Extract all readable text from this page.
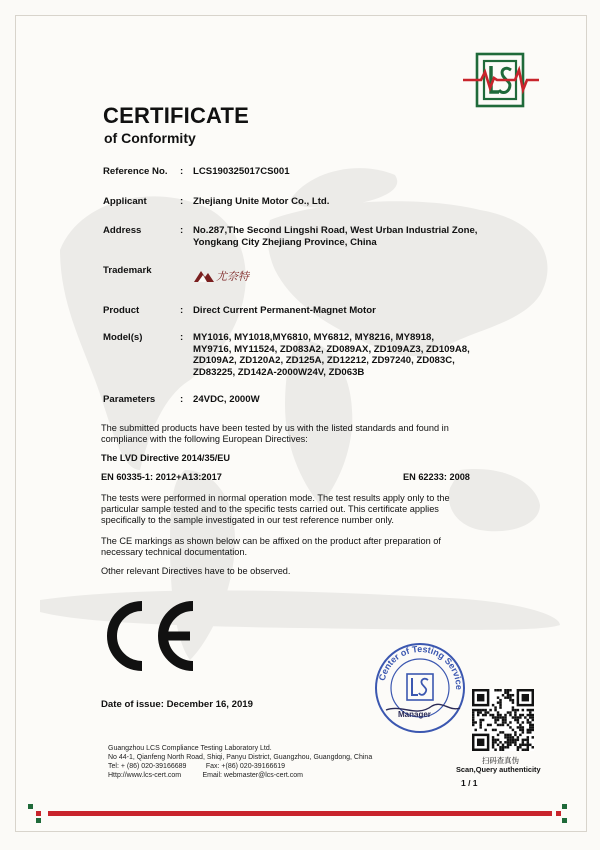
CERTIFICATE
of Conformity
Reference No. : LCS190325017CS001
Applicant	: Zhejiang Unite Motor Co., Ltd.
Address	: No.287,The Second Lingshi Road, West Urban Industrial Zone,
Yongkang City Zhejiang Province, China
Trademark	尤奈特
Product	: Direct Current Permanent-Magnet Motor
Model(s)	: MY1016, MY1018,MY6810, MY6812, MY8216, MY8918,
MY9716, MY11524, ZD083A2, ZD089AX, ZD109AZ3, ZD109A8,
ZD109A2, ZD120A2, ZD125A, ZD12212, ZD97240, ZD083C,
ZD83225, ZD142A-2000W24V, ZD063B
Parameters	: 24VDC, 2000W
The submitted products have been tested by us with the listed standards and found in
compliance with the following European Directives:
The LVD Directive 2014/35/EU
EN 60335-1: 2012+A13:2017	EN 62233: 2008
The tests were performed in normal operation mode. The test results apply only to the
particular sample tested and to the specific tests carried out. This certificate applies
specifically to the sample investigated in our test reference number only.
The CE markings as shown below can be affixed on the product after preparation of
necessary technical documentation.
Other relevant Directives have to be observed.
Date of issue: December 16, 2019
Center of Testing Service
Manager
扫码查真伪
Scan,Query authenticity
1 / 1
Guangzhou LCS Compliance Testing Laboratory Ltd.
No 44-1, Qianfeng North Road, Shiqi, Panyu District, Guangzhou, Guangdong, China
Tel: + (86) 020-39166689          Fax: +(86) 020-39166619
Http://www.lcs-cert.com           Email: webmaster@lcs-cert.com
